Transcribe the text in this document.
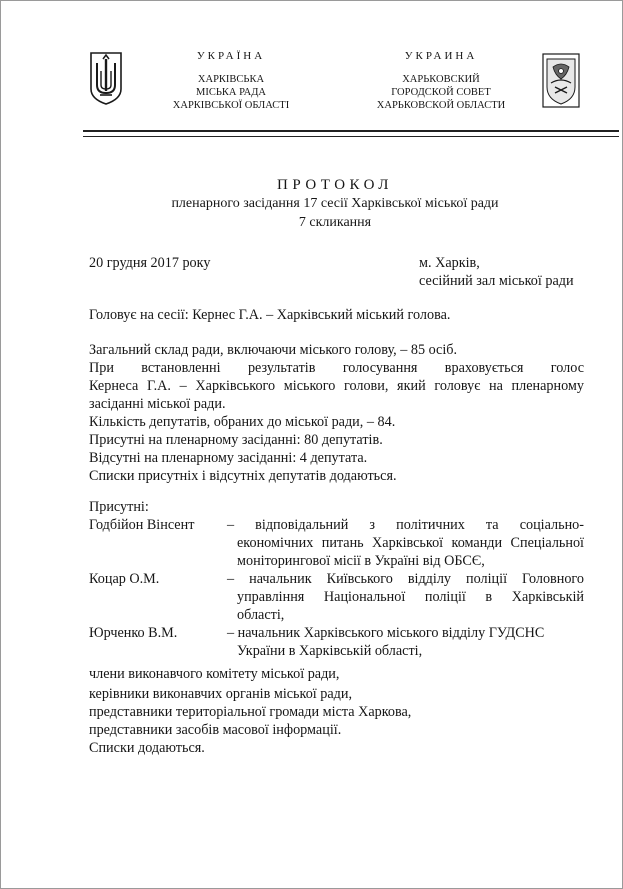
УКРАЇНА
ХАРКІВСЬКА
МІСЬКА РАДА
ХАРКІВСЬКОЇ ОБЛАСТІ
УКРАИНА
ХАРЬКОВСКИЙ
ГОРОДСКОЙ СОВЕТ
ХАРЬКОВСКОЙ ОБЛАСТИ
ПРОТОКОЛ
пленарного засідання 17 сесії Харківської міської ради
7 скликання
20 грудня 2017 року	м. Харків,
сесійний зал міської ради
Головує на сесії: Кернес Г.А. – Харківський міський голова.
Загальний склад ради, включаючи міського голову, – 85 осіб.
При встановленні результатів голосування враховується голос
Кернеса Г.А. – Харківського міського голови, який головує на пленарному
засіданні міської ради.
Кількість депутатів, обраних до міської ради, – 84.
Присутні на пленарному засіданні: 80 депутатів.
Відсутні на пленарному засіданні: 4 депутата.
Списки присутніх і відсутніх депутатів додаються.
Присутні:
Годбійон Вінсент – відповідальний з політичних та соціально-
економічних питань Харківської команди Спеціальної
моніторингової місії в Україні від ОБСЄ,
Коцар О.М.	– начальник Київського відділу поліції Головного
управління Національної поліції в Харківській
області,
Юрченко В.М.	– начальник Харківського міського відділу ГУДСНС
України в Харківській області,
члени виконавчого комітету міської ради,
керівники виконавчих органів міської ради,
представники територіальної громади міста Харкова,
представники засобів масової інформації.
Списки додаються.
